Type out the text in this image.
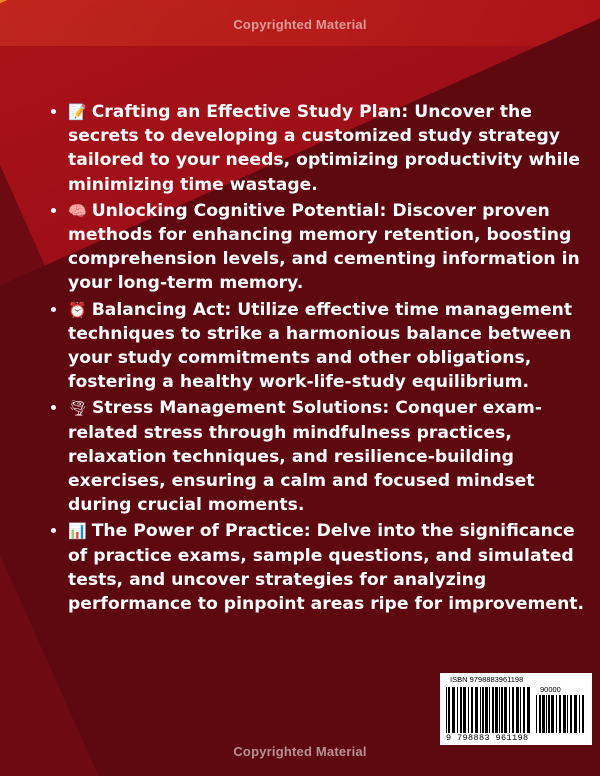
Copyrighted Material
• 📝 Crafting an Effective Study Plan: Uncover the secrets to developing a customized study strategy tailored to your needs, optimizing productivity while minimizing time wastage.
• 🧠 Unlocking Cognitive Potential: Discover proven methods for enhancing memory retention, boosting comprehension levels, and cementing information in your long-term memory.
• ⏰ Balancing Act: Utilize effective time management techniques to strike a harmonious balance between your study commitments and other obligations, fostering a healthy work-life-study equilibrium.
• 🌪 Stress Management Solutions: Conquer exam-related stress through mindfulness practices, relaxation techniques, and resilience-building exercises, ensuring a calm and focused mindset during crucial moments.
• 📊 The Power of Practice: Delve into the significance of practice exams, sample questions, and simulated tests, and uncover strategies for analyzing performance to pinpoint areas ripe for improvement.
ISBN 9798883961198
90000
9 798883 961198
Copyrighted Material
